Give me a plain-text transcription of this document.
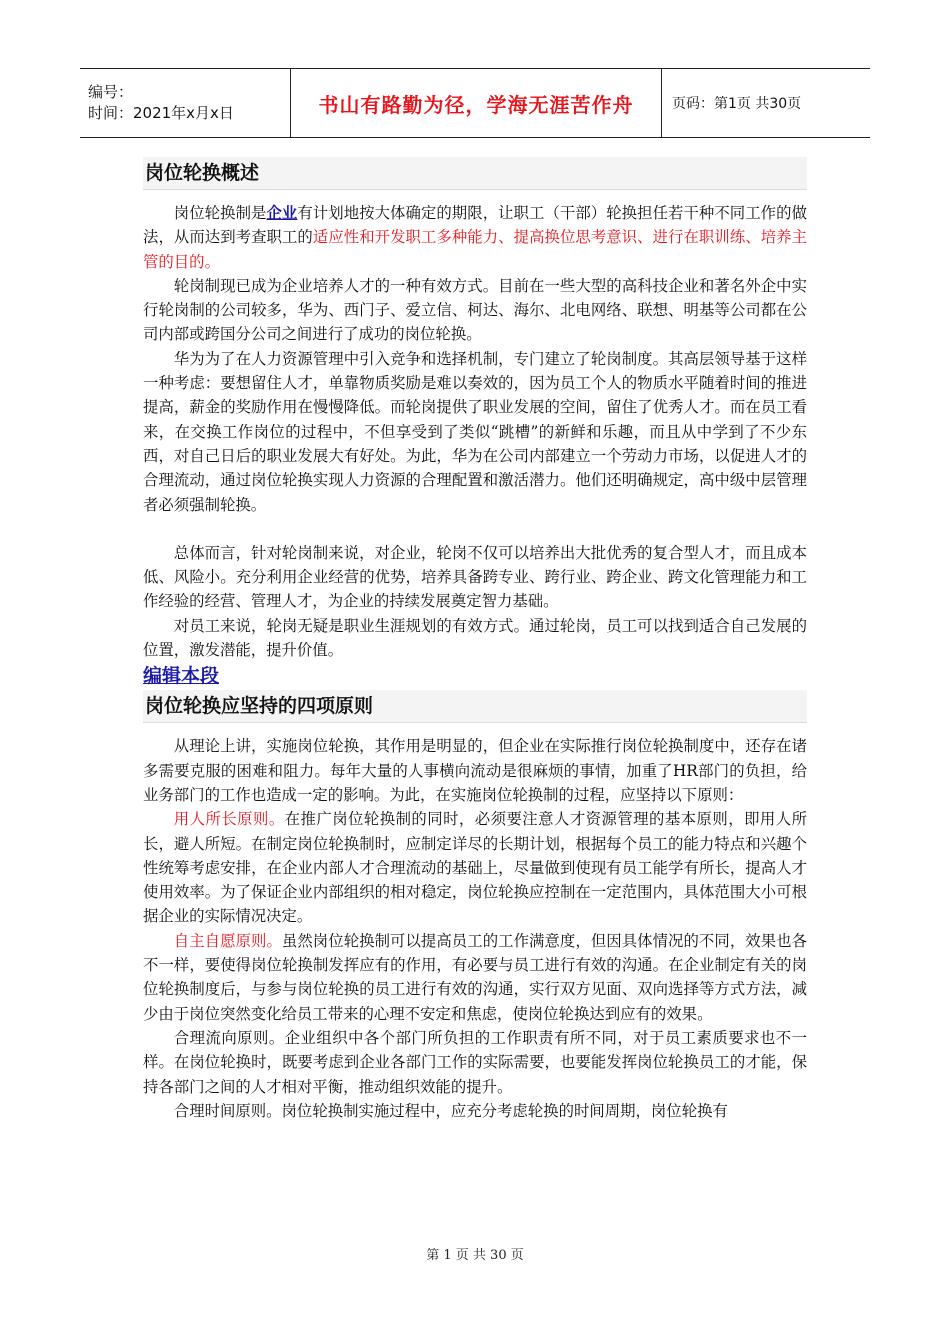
编号：
时间：2021年x月x日	书山有路勤为径，学海无涯苦作舟	页码：第1页 共30页
岗位轮换概述

岗位轮换制是企业有计划地按大体确定的期限，让职工（干部）轮换担任若干种不同工作的做法，从而达到考查职工的适应性和开发职工多种能力、提高换位思考意识、进行在职训练、培养主管的目的。

轮岗制现已成为企业培养人才的一种有效方式。目前在一些大型的高科技企业和著名外企中实行轮岗制的公司较多，华为、西门子、爱立信、柯达、海尔、北电网络、联想、明基等公司都在公司内部或跨国分公司之间进行了成功的岗位轮换。

华为为了在人力资源管理中引入竞争和选择机制，专门建立了轮岗制度。其高层领导基于这样一种考虑：要想留住人才，单靠物质奖励是难以奏效的，因为员工个人的物质水平随着时间的推进提高，薪金的奖励作用在慢慢降低。而轮岗提供了职业发展的空间，留住了优秀人才。而在员工看来，在交换工作岗位的过程中，不但享受到了类似“跳槽”的新鲜和乐趣，而且从中学到了不少东西，对自己日后的职业发展大有好处。为此，华为在公司内部建立一个劳动力市场，以促进人才的合理流动，通过岗位轮换实现人力资源的合理配置和激活潜力。他们还明确规定，高中级中层管理者必须强制轮换。

总体而言，针对轮岗制来说，对企业，轮岗不仅可以培养出大批优秀的复合型人才，而且成本低、风险小。充分利用企业经营的优势，培养具备跨专业、跨行业、跨企业、跨文化管理能力和工作经验的经营、管理人才，为企业的持续发展奠定智力基础。

对员工来说，轮岗无疑是职业生涯规划的有效方式。通过轮岗，员工可以找到适合自己发展的位置，激发潜能，提升价值。

编辑本段
岗位轮换应坚持的四项原则

从理论上讲，实施岗位轮换，其作用是明显的，但企业在实际推行岗位轮换制度中，还存在诸多需要克服的困难和阻力。每年大量的人事横向流动是很麻烦的事情，加重了HR部门的负担，给业务部门的工作也造成一定的影响。为此，在实施岗位轮换制的过程，应坚持以下原则：

用人所长原则。在推广岗位轮换制的同时，必须要注意人才资源管理的基本原则，即用人所长，避人所短。在制定岗位轮换制时，应制定详尽的长期计划，根据每个员工的能力特点和兴趣个性统筹考虑安排，在企业内部人才合理流动的基础上，尽量做到使现有员工能学有所长，提高人才使用效率。为了保证企业内部组织的相对稳定，岗位轮换应控制在一定范围内，具体范围大小可根据企业的实际情况决定。

自主自愿原则。虽然岗位轮换制可以提高员工的工作满意度，但因具体情况的不同，效果也各不一样，要使得岗位轮换制发挥应有的作用，有必要与员工进行有效的沟通。在企业制定有关的岗位轮换制度后，与参与岗位轮换的员工进行有效的沟通，实行双方见面、双向选择等方式方法，减少由于岗位突然变化给员工带来的心理不安定和焦虑，使岗位轮换达到应有的效果。

合理流向原则。企业组织中各个部门所负担的工作职责有所不同，对于员工素质要求也不一样。在岗位轮换时，既要考虑到企业各部门工作的实际需要，也要能发挥岗位轮换员工的才能，保持各部门之间的人才相对平衡，推动组织效能的提升。

合理时间原则。岗位轮换制实施过程中，应充分考虑轮换的时间周期，岗位轮换有

第 1 页 共 30 页
